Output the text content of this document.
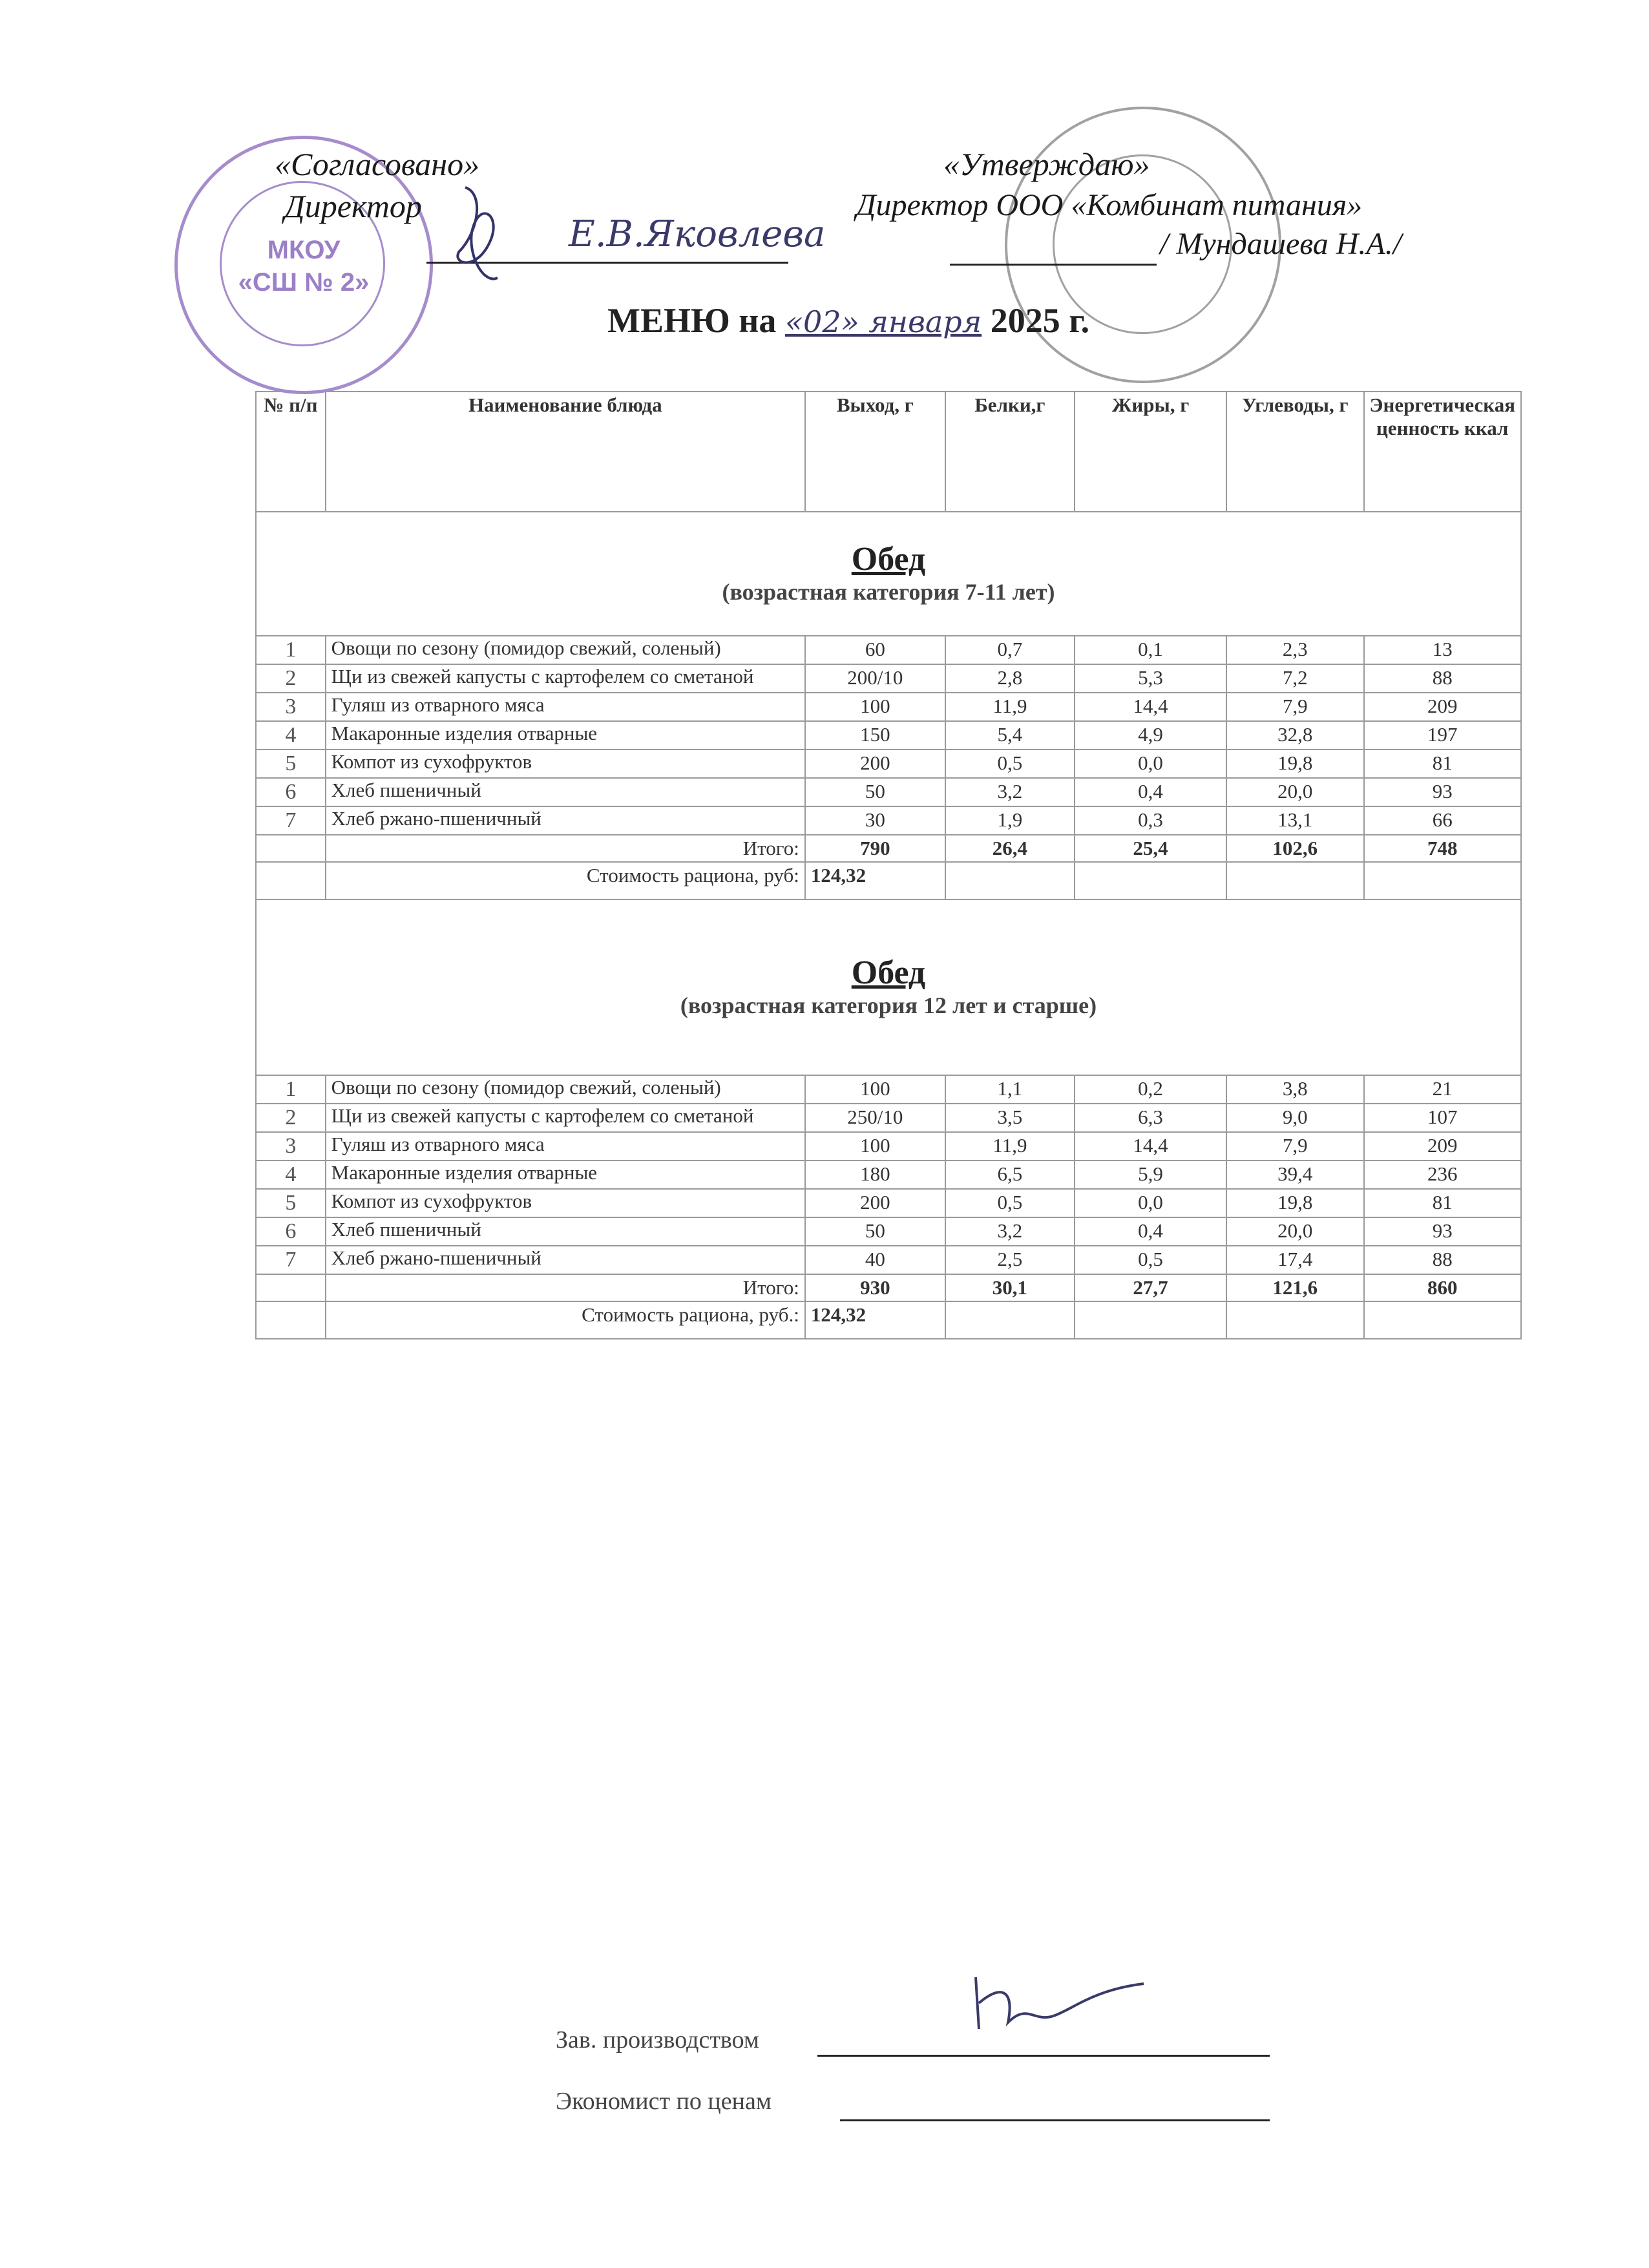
МКОУ
«СШ № 2»
«Согласовано»
Директор
Е.В.Яковлева
«Утверждаю»
Директор ООО «Комбинат питания»
/ Мундашева Н.А./
МЕНЮ на «02» января 2025 г.
№ п/п	Наименование блюда	Выход, г	Белки,г	Жиры, г	Углеводы, г	Энергетическая ценность ккал

Обед
(возрастная категория 7-11 лет)						

1	Овощи по сезону (помидор свежий, соленый)	60	0,7	0,1	2,3	13
2	Щи из свежей капусты с картофелем со сметаной	200/10	2,8	5,3	7,2	88
3	Гуляш из отварного мяса	100	11,9	14,4	7,9	209
4	Макаронные изделия отварные	150	5,4	4,9	32,8	197
5	Компот из сухофруктов	200	0,5	0,0	19,8	81
6	Хлеб пшеничный	50	3,2	0,4	20,0	93
7	Хлеб ржано-пшеничный	30	1,9	0,3	13,1	66
	Итого:	790	26,4	25,4	102,6	748
	Стоимость рациона, руб:	124,32				

Обед
(возрастная категория 12 лет и старше)						

1	Овощи по сезону (помидор свежий, соленый)	100	1,1	0,2	3,8	21
2	Щи из свежей капусты с картофелем со сметаной	250/10	3,5	6,3	9,0	107
3	Гуляш из отварного мяса	100	11,9	14,4	7,9	209
4	Макаронные изделия отварные	180	6,5	5,9	39,4	236
5	Компот из сухофруктов	200	0,5	0,0	19,8	81
6	Хлеб пшеничный	50	3,2	0,4	20,0	93
7	Хлеб ржано-пшеничный	40	2,5	0,5	17,4	88
	Итого:	930	30,1	27,7	121,6	860
	Стоимость рациона, руб.:	124,32				
Зав. производством
Экономист по ценам
